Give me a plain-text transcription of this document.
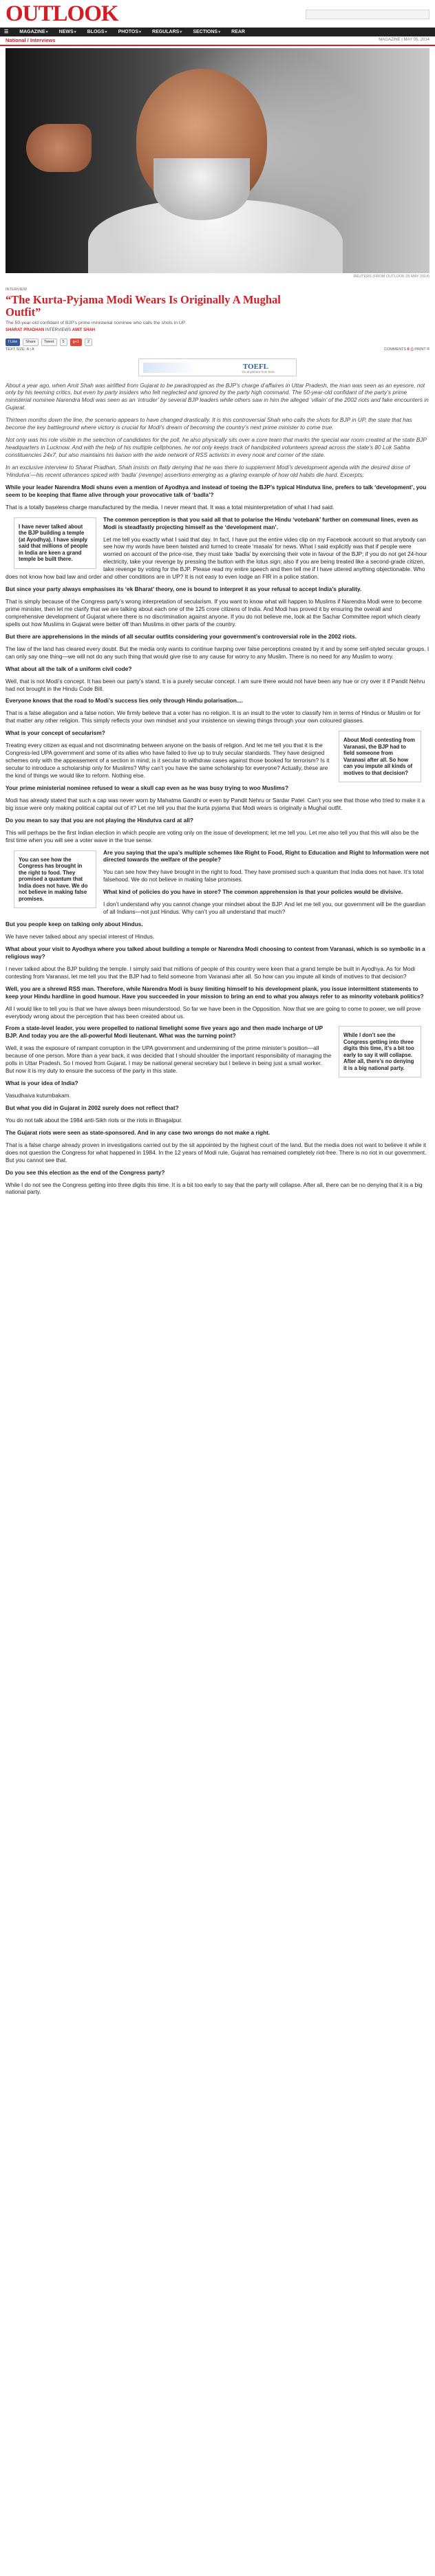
OUTLOOK
☰ MAGAZINE▾ NEWS▾ BLOGS▾ PHOTOS▾ REGULARS▾ SECTIONS▾ REAR
National / Interviews	MAGAZINE | MAY 05, 2014
REUTERS (FROM OUTLOOK 05 MAY 2014)
INTERVIEW
“The Kurta-Pyjama Modi Wears Is Originally A Mughal Outfit”
The 50-year-old confidant of BJP’s prime ministerial nominee who calls the shots in UP
SHARAT PRADHAN INTERVIEWS AMIT SHAH
f Like	Share	Tweet	5	g+1	2
TEXT SIZE: A | A	COMMENTS 6 ⎙ PRINT ✉
TOEFL
Go anywhere from here.

About a year ago, when Amit Shah was airlifted from Gujarat to be paradropped as the BJP’s charge d’affaires in Uttar Pradesh, the man was seen as an eyesore, not only by his teeming critics, but even by party insiders who felt neglected and ignored by the party high command. The 50-year-old confidant of the party’s prime ministerial nominee Narendra Modi was seen as an ‘intruder’ by several BJP leaders while others saw in him the alleged ‘villain’ of the 2002 riots and fake encounters in Gujarat.

Thirteen months down the line, the scenario appears to have changed drastically. It is this controversial Shah who calls the shots for BJP in UP, the state that has become the key battleground where victory is crucial for Modi’s dream of becoming the country’s next prime minister to come true.

Not only was his role visible in the selection of candidates for the poll, he also physically sits over a core team that marks the special war room created at the state BJP headquarters in Lucknow. And with the help of his multiple cellphones, he not only keeps track of handpicked volunteers spread across the state’s 80 Lok Sabha constituencies 24x7, but also maintains his liaison with the wide network of RSS activists in every nook and corner of the state.

In an exclusive interview to Sharat Pradhan, Shah insists on flatly denying that he was there to supplement Modi’s development agenda with the desired dose of ‘Hindutva’—his recent utterances spiced with ‘badla’ (revenge) assertions emerging as a glaring example of how old habits die hard. Excerpts:

While your leader Narendra Modi shuns even a mention of Ayodhya and instead of toeing the BJP’s typical Hindutva line, prefers to talk ‘development’, you seem to be keeping that flame alive through your provocative talk of ‘badla’?

That is a totally baseless charge manufactured by the media. I never meant that. It was a total misinterpretation of what I had said.

I have never talked about the BJP building a temple (at Ayodhya). I have simply said that millions of people in India are keen a grand temple be built there.

The common perception is that you said all that to polarise the Hindu ‘votebank’ further on communal lines, even as Modi is steadfastly projecting himself as the ‘development man’.

Let me tell you exactly what I said that day. In fact, I have put the entire video clip on my Facebook account so that anybody can see how my words have been twisted and turned to create ‘masala’ for news. What I said explicitly was that if people were worried on account of the price-rise, they must take ‘badla’ by exercising their vote in favour of the BJP; if you do not get 24-hour electricity, take your revenge by pressing the button with the lotus sign; also if you are being treated like a second-grade citizen, take revenge by voting for the BJP. Please read my entire speech and then tell me if I have uttered anything objectionable. Who does not know how bad law and order and other conditions are in UP? It is not easy to even lodge an FIR in a police station.

But since your party always emphasises its ‘ek Bharat’ theory, one is bound to interpret it as your refusal to accept India’s plurality.

That is simply because of the Congress party’s wrong interpretation of secularism. If you want to know what will happen to Muslims if Narendra Modi were to become prime minister, then let me clarify that we are talking about each one of the 125 crore citizens of India. And Modi has proved it by ensuring the overall and comprehensive development of Gujarat where there is no discrimination against anyone. If you do not believe me, look at the Sachar Committee report which clearly spells out how Muslims in Gujarat were better off than Muslims in other parts of the country.

But there are apprehensions in the minds of all secular outfits considering your government’s controversial role in the 2002 riots.

The law of the land has cleared every doubt. But the media only wants to continue harping over false perceptions created by it and by some self-styled secular groups. I can only say one thing—we will not do any such thing that would give rise to any cause for worry to any Muslim. There is no need for any Muslim to worry.

What about all the talk of a uniform civil code?

Well, that is not Modi’s concept. It has been our party’s stand. It is a purely secular concept. I am sure there would not have been any hue or cry over it if Pandit Nehru had not brought in the Hindu Code Bill.

Everyone knows that the road to Modi’s success lies only through Hindu polarisation....

That is a false allegation and a false notion. We firmly believe that a voter has no religion. It is an insult to the voter to classify him in terms of Hindus or Muslim or for that matter any other religion. This simply reflects your own mindset and your insistence on viewing things through your own coloured glasses.

About Modi contesting from Varanasi, the BJP had to field someone from Varanasi after all. So how can you impute all kinds of motives to that decision?

What is your concept of secularism?

Treating every citizen as equal and not discriminating between anyone on the basis of religion. And let me tell you that it is the Congress-led UPA government and some of its allies who have failed to live up to truly secular standards. They have designed schemes only with the appeasement of a section in mind; is it secular to withdraw cases against those booked for terrorism? Is it secular to introduce a scholarship only for Muslims? Why can’t you have the same scholarship for everyone? Actually, these are the kind of things we would like to reform. Nothing else.

Your prime ministerial nominee refused to wear a skull cap even as he was busy trying to woo Muslims?

Modi has already stated that such a cap was never worn by Mahatma Gandhi or even by Pandit Nehru or Sardar Patel. Can’t you see that those who tried to make it a big issue were only making political capital out of it? Let me tell you that the kurta pyjama that Modi wears is originally a Mughal outfit.

Do you mean to say that you are not playing the Hindutva card at all?

This will perhaps be the first Indian election in which people are voting only on the issue of development; let me tell you. Let me also tell you that this will also be the first time when you will see a voter wave in the true sense.

You can see how the Congress has brought in the right to food. They promised a quantum that India does not have. We do not believe in making false promises.

Are you saying that the upa’s multiple schemes like Right to Food, Right to Education and Right to Information were not directed towards the welfare of the people?

You can see how they have brought in the right to food. They have promised such a quantum that India does not have. It’s total falsehood. We do not believe in making false promises.

What kind of policies do you have in store? The common apprehension is that your policies would be divisive.

I don’t understand why you cannot change your mindset about the BJP. And let me tell you, our government will be the guardian of all Indians—not just Hindus. Why can’t you all understand that much?

But you people keep on talking only about Hindus.

We have never talked about any special interest of Hindus.

What about your visit to Ayodhya where you talked about building a temple or Narendra Modi choosing to contest from Varanasi, which is so symbolic in a religious way?

I never talked about the BJP building the temple. I simply said that millions of people of this country were keen that a grand temple be built in Ayodhya. As for Modi contesting from Varanasi, let me tell you that the BJP had to field someone from Varanasi after all. So how can you impute all kinds of motives to that decision?

Well, you are a shrewd RSS man. Therefore, while Narendra Modi is busy limiting himself to his development plank, you issue intermittent statements to keep your Hindu hardline in good humour. Have you succeeded in your mission to bring an end to what you always refer to as minority votebank politics?

All I would like to tell you is that we have always been misunderstood. So far we have been in the Opposition. Now that we are going to come to power, we will prove everybody wrong about the perception that has been created about us.

While I don’t see the Congress getting into three digits this time, it’s a bit too early to say it will collapse. After all, there’s no denying it is a big national party.

From a state-level leader, you were propelled to national limelight some five years ago and then made incharge of UP BJP. And today you are the all-powerful Modi lieutenant. What was the turning point?

Well, it was the exposure of rampant corruption in the UPA government and undermining of the prime minister’s position—all because of one person. More than a year back, it was decided that I should shoulder the important responsibility of managing the polls in Uttar Pradesh. So I moved from Gujarat. I may be national general secretary but I believe in being just a small worker. But now it is my duty to ensure the success of the party in this state.

What is your idea of India?

Vasudhaiva kutumbakam.

But what you did in Gujarat in 2002 surely does not reflect that?

You do not talk about the 1984 anti-Sikh riots or the riots in Bhagalpur.

The Gujarat riots were seen as state-sponsored. And in any case two wrongs do not make a right.

That is a false charge already proven in investigations carried out by the sit appointed by the highest court of the land. But the media does not want to believe it while it does not question the Congress for what happened in 1984. In the 12 years of Modi rule, Gujarat has remained completely riot-free. There is no riot in our government. But you cannot see that.

Do you see this election as the end of the Congress party?

While I do not see the Congress getting into three digits this time. It is a bit too early to say that the party will collapse. After all, there can be no denying that it is a big national party.
